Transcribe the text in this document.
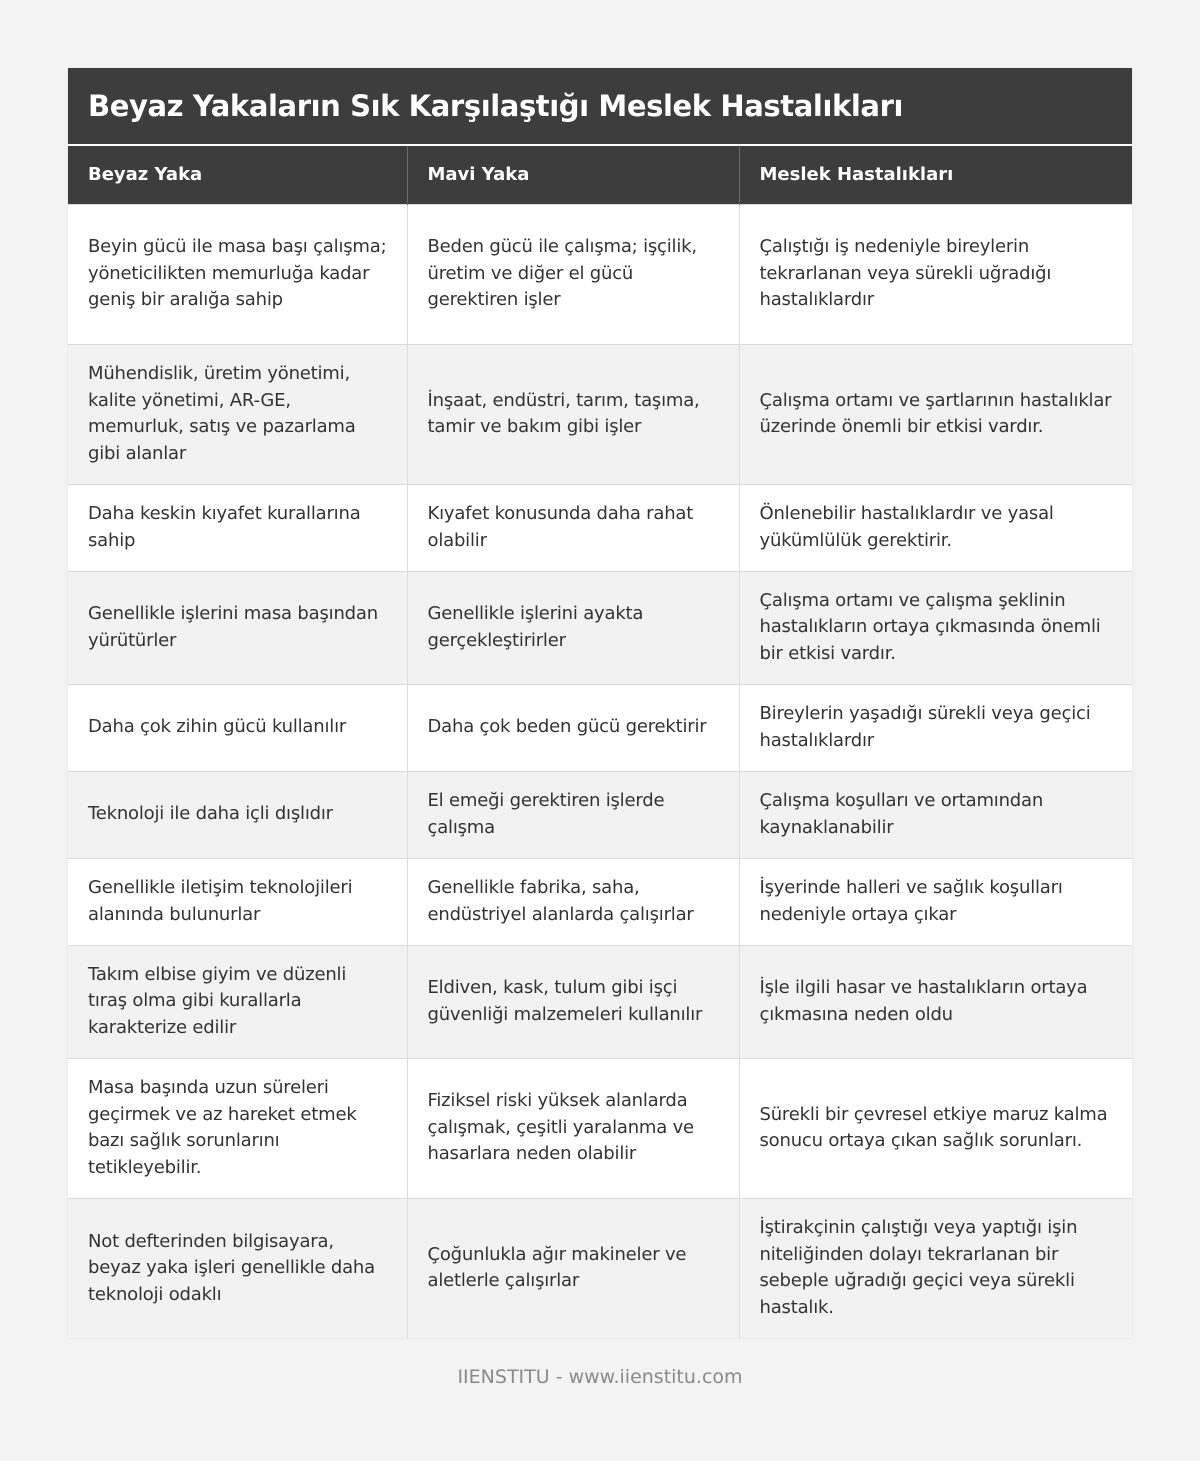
Beyaz Yakaların Sık Karşılaştığı Meslek Hastalıkları
Beyaz Yaka	Mavi Yaka	Meslek Hastalıkları
Beyin gücü ile masa başı çalışma; yöneticilikten memurluğa kadar geniş bir aralığa sahip	Beden gücü ile çalışma; işçilik, üretim ve diğer el gücü gerektiren işler	Çalıştığı iş nedeniyle bireylerin tekrarlanan veya sürekli uğradığı hastalıklardır
Mühendislik, üretim yönetimi, kalite yönetimi, AR-GE, memurluk, satış ve pazarlama gibi alanlar	İnşaat, endüstri, tarım, taşıma, tamir ve bakım gibi işler	Çalışma ortamı ve şartlarının hastalıklar üzerinde önemli bir etkisi vardır.
Daha keskin kıyafet kurallarına sahip	Kıyafet konusunda daha rahat olabilir	Önlenebilir hastalıklardır ve yasal yükümlülük gerektirir.
Genellikle işlerini masa başından yürütürler	Genellikle işlerini ayakta gerçekleştirirler	Çalışma ortamı ve çalışma şeklinin hastalıkların ortaya çıkmasında önemli bir etkisi vardır.
Daha çok zihin gücü kullanılır	Daha çok beden gücü gerektirir	Bireylerin yaşadığı sürekli veya geçici hastalıklardır
Teknoloji ile daha içli dışlıdır	El emeği gerektiren işlerde çalışma	Çalışma koşulları ve ortamından kaynaklanabilir
Genellikle iletişim teknolojileri alanında bulunurlar	Genellikle fabrika, saha, endüstriyel alanlarda çalışırlar	İşyerinde halleri ve sağlık koşulları nedeniyle ortaya çıkar
Takım elbise giyim ve düzenli tıraş olma gibi kurallarla karakterize edilir	Eldiven, kask, tulum gibi işçi güvenliği malzemeleri kullanılır	İşle ilgili hasar ve hastalıkların ortaya çıkmasına neden oldu
Masa başında uzun süreleri geçirmek ve az hareket etmek bazı sağlık sorunlarını tetikleyebilir.	Fiziksel riski yüksek alanlarda çalışmak, çeşitli yaralanma ve hasarlara neden olabilir	Sürekli bir çevresel etkiye maruz kalma sonucu ortaya çıkan sağlık sorunları.
Not defterinden bilgisayara, beyaz yaka işleri genellikle daha teknoloji odaklı	Çoğunlukla ağır makineler ve aletlerle çalışırlar	İştirakçinin çalıştığı veya yaptığı işin niteliğinden dolayı tekrarlanan bir sebeple uğradığı geçici veya sürekli hastalık.
IIENSTITU - www.iienstitu.com
